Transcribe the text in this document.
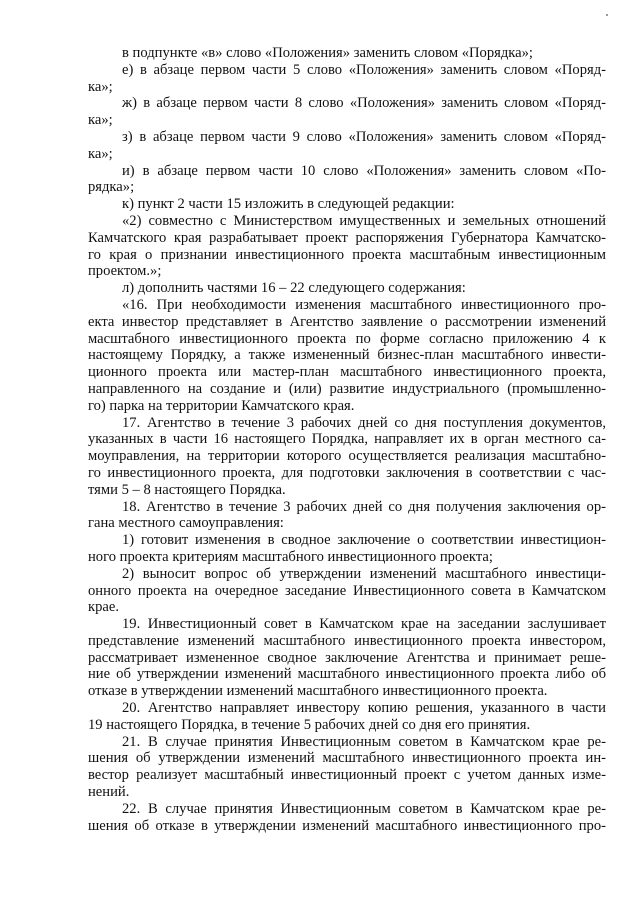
в подпункте «в» слово «Положения» заменить словом «Порядка»;
е) в абзаце первом части 5 слово «Положения» заменить словом «Поряд-
ка»;
ж) в абзаце первом части 8 слово «Положения» заменить словом «Поряд-
ка»;
з) в абзаце первом части 9 слово «Положения» заменить словом «Поряд-
ка»;
и) в абзаце первом части 10 слово «Положения» заменить словом «По-
рядка»;
к) пункт 2 части 15 изложить в следующей редакции:
«2) совместно с Министерством имущественных и земельных отношений
Камчатского края разрабатывает проект распоряжения Губернатора Камчатско-
го края о признании инвестиционного проекта масштабным инвестиционным
проектом.»;
л) дополнить частями 16 – 22 следующего содержания:
«16. При необходимости изменения масштабного инвестиционного про-
екта инвестор представляет в Агентство заявление о рассмотрении изменений
масштабного инвестиционного проекта по форме согласно приложению 4 к
настоящему Порядку, а также измененный бизнес-план масштабного инвести-
ционного проекта или мастер-план масштабного инвестиционного проекта,
направленного на создание и (или) развитие индустриального (промышленно-
го) парка на территории Камчатского края.
17. Агентство в течение 3 рабочих дней со дня поступления документов,
указанных в части 16 настоящего Порядка, направляет их в орган местного са-
моуправления, на территории которого осуществляется реализация масштабно-
го инвестиционного проекта, для подготовки заключения в соответствии с час-
тями 5 – 8 настоящего Порядка.
18. Агентство в течение 3 рабочих дней со дня получения заключения ор-
гана местного самоуправления:
1) готовит изменения в сводное заключение о соответствии инвестицион-
ного проекта критериям масштабного инвестиционного проекта;
2) выносит вопрос об утверждении изменений масштабного инвестици-
онного проекта на очередное заседание Инвестиционного совета в Камчатском
крае.
19. Инвестиционный совет в Камчатском крае на заседании заслушивает
представление изменений масштабного инвестиционного проекта инвестором,
рассматривает измененное сводное заключение Агентства и принимает реше-
ние об утверждении изменений масштабного инвестиционного проекта либо об
отказе в утверждении изменений масштабного инвестиционного проекта.
20. Агентство направляет инвестору копию решения, указанного в части
19 настоящего Порядка, в течение 5 рабочих дней со дня его принятия.
21. В случае принятия Инвестиционным советом в Камчатском крае ре-
шения об утверждении изменений масштабного инвестиционного проекта ин-
вестор реализует масштабный инвестиционный проект с учетом данных изме-
нений.
22. В случае принятия Инвестиционным советом в Камчатском крае ре-
шения об отказе в утверждении изменений масштабного инвестиционного про-
